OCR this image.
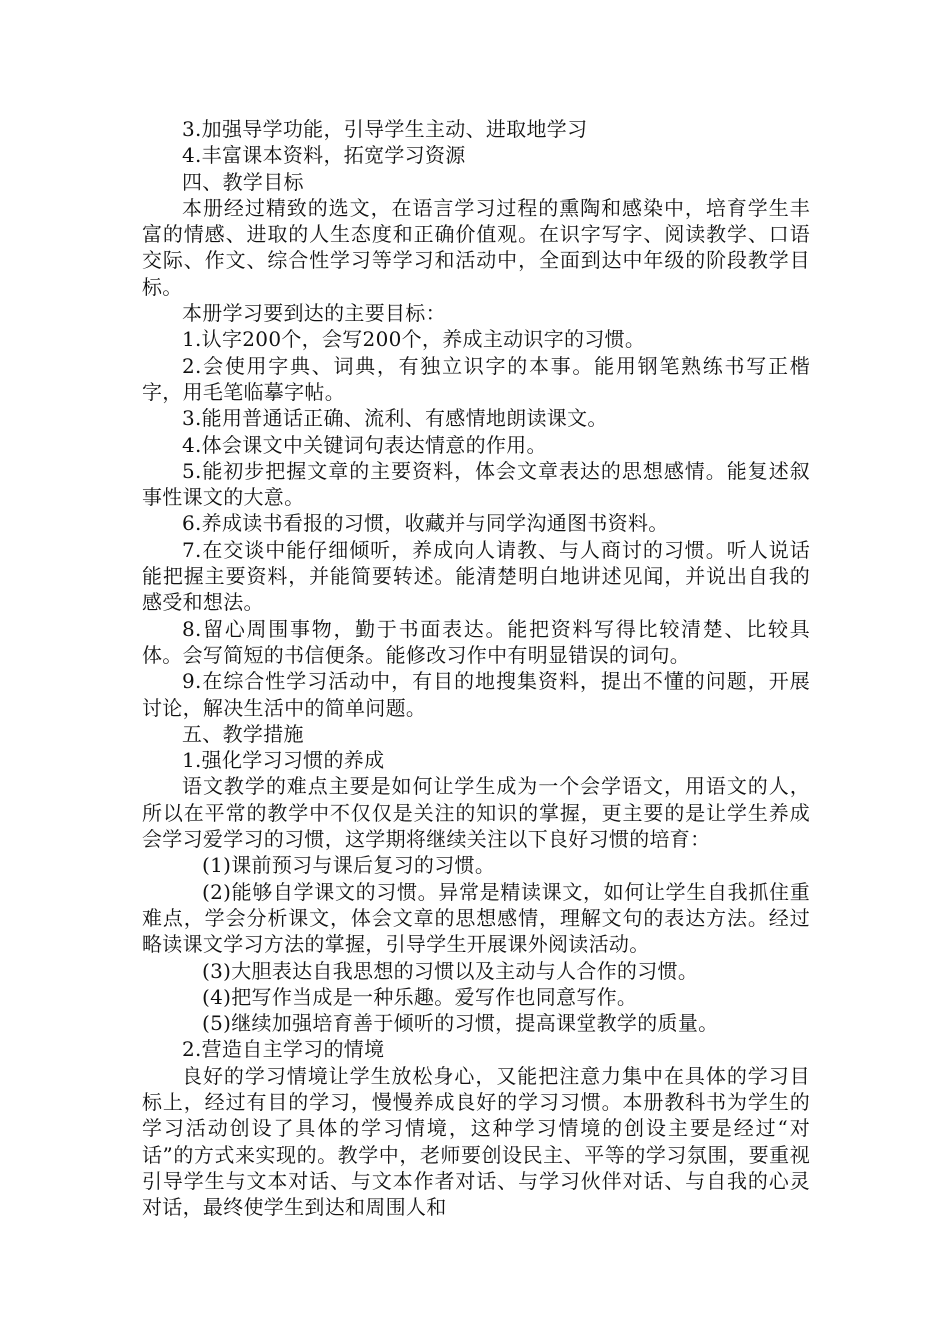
3.加强导学功能，引导学生主动、进取地学习

4.丰富课本资料，拓宽学习资源

四、教学目标

本册经过精致的选文，在语言学习过程的熏陶和感染中，培育学生丰富的情感、进取的人生态度和正确价值观。在识字写字、阅读教学、口语交际、作文、综合性学习等学习和活动中，全面到达中年级的阶段教学目标。

本册学习要到达的主要目标：

1.认字200个，会写200个，养成主动识字的习惯。

2.会使用字典、词典，有独立识字的本事。能用钢笔熟练书写正楷字，用毛笔临摹字帖。

3.能用普通话正确、流利、有感情地朗读课文。

4.体会课文中关键词句表达情意的作用。

5.能初步把握文章的主要资料，体会文章表达的思想感情。能复述叙事性课文的大意。

6.养成读书看报的习惯，收藏并与同学沟通图书资料。

7.在交谈中能仔细倾听，养成向人请教、与人商讨的习惯。听人说话能把握主要资料，并能简要转述。能清楚明白地讲述见闻，并说出自我的感受和想法。

8.留心周围事物，勤于书面表达。能把资料写得比较清楚、比较具体。会写简短的书信便条。能修改习作中有明显错误的词句。

9.在综合性学习活动中，有目的地搜集资料，提出不懂的问题，开展讨论，解决生活中的简单问题。

五、教学措施

1.强化学习习惯的养成

语文教学的难点主要是如何让学生成为一个会学语文，用语文的人，所以在平常的教学中不仅仅是关注的知识的掌握，更主要的是让学生养成会学习爱学习的习惯，这学期将继续关注以下良好习惯的培育：

(1)课前预习与课后复习的习惯。

(2)能够自学课文的习惯。异常是精读课文，如何让学生自我抓住重难点，学会分析课文，体会文章的思想感情，理解文句的表达方法。经过略读课文学习方法的掌握，引导学生开展课外阅读活动。

(3)大胆表达自我思想的习惯以及主动与人合作的习惯。

(4)把写作当成是一种乐趣。爱写作也同意写作。

(5)继续加强培育善于倾听的习惯，提高课堂教学的质量。

2.营造自主学习的情境

良好的学习情境让学生放松身心，又能把注意力集中在具体的学习目标上，经过有目的学习，慢慢养成良好的学习习惯。本册教科书为学生的学习活动创设了具体的学习情境，这种学习情境的创设主要是经过“对话”的方式来实现的。教学中，老师要创设民主、平等的学习氛围，要重视引导学生与文本对话、与文本作者对话、与学习伙伴对话、与自我的心灵对话，最终使学生到达和周围人和
